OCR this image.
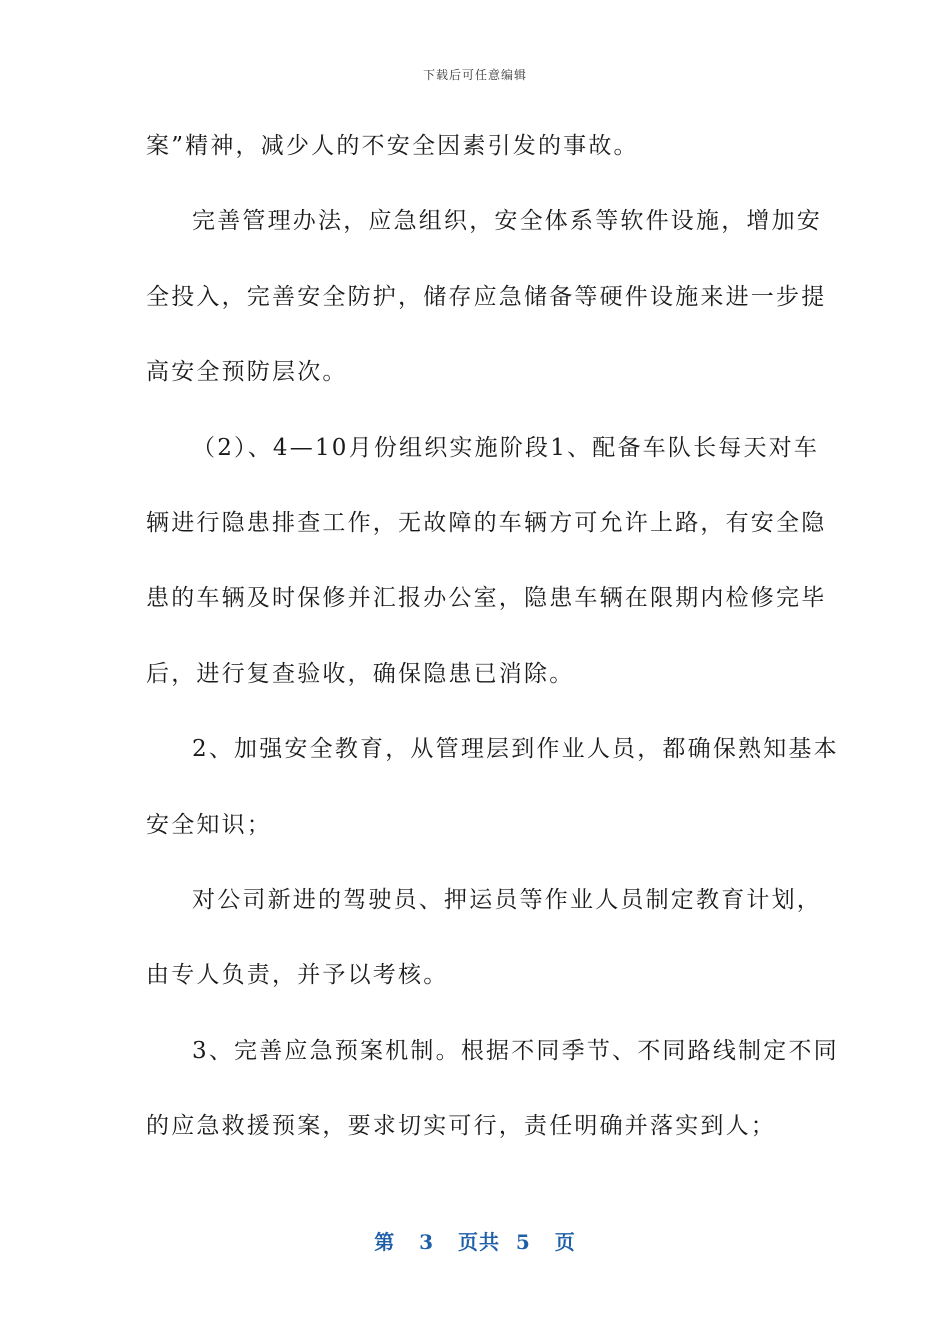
下载后可任意编辑
案”精神，减少人的不安全因素引发的事故。
完善管理办法，应急组织，安全体系等软件设施，增加安
全投入，完善安全防护，储存应急储备等硬件设施来进一步提
高安全预防层次。
（2）、4—10月份组织实施阶段1、配备车队长每天对车
辆进行隐患排查工作，无故障的车辆方可允许上路，有安全隐
患的车辆及时保修并汇报办公室，隐患车辆在限期内检修完毕
后，进行复查验收，确保隐患已消除。
2、加强安全教育，从管理层到作业人员，都确保熟知基本
安全知识；
对公司新进的驾驶员、押运员等作业人员制定教育计划，
由专人负责，并予以考核。
3、完善应急预案机制。根据不同季节、不同路线制定不同
的应急救援预案，要求切实可行，责任明确并落实到人；
第 3 页共 5 页
